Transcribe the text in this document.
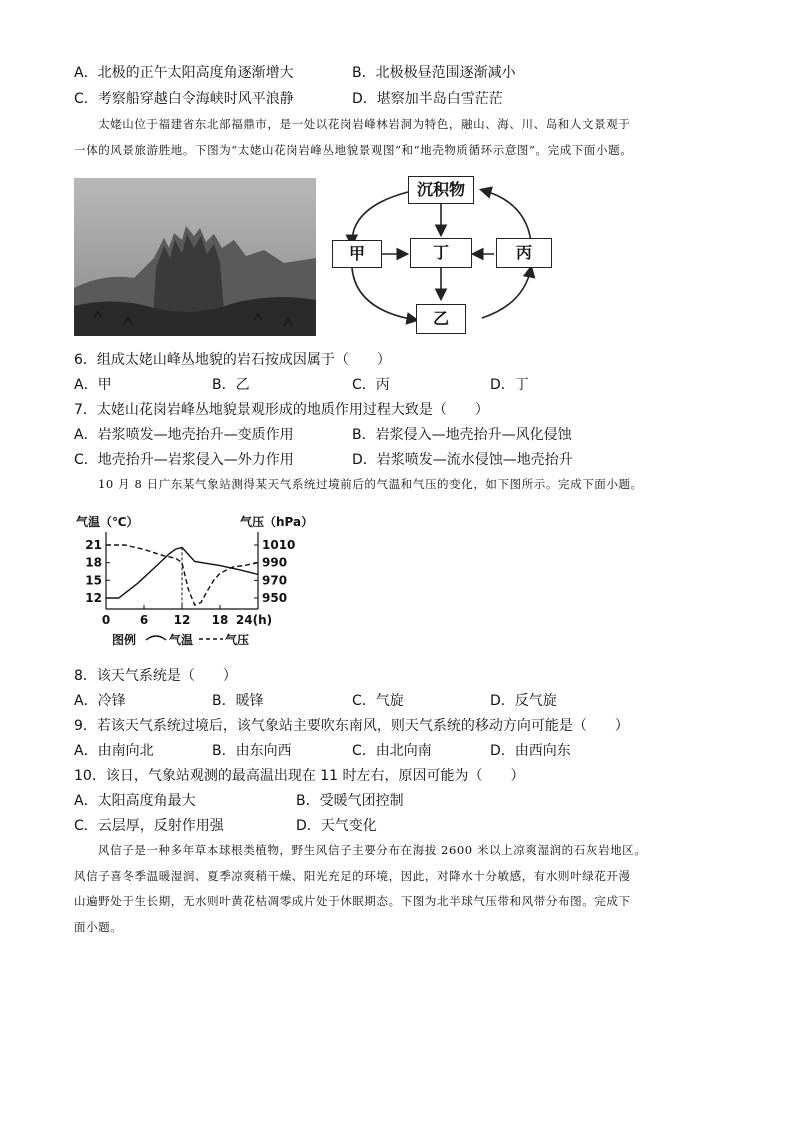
A．北极的正午太阳高度角逐渐增大	B．北极极昼范围逐渐减小
C．考察船穿越白令海峡时风平浪静	D．堪察加半岛白雪茫茫
太姥山位于福建省东北部福鼎市，是一处以花岗岩峰林岩洞为特色，融山、海、川、岛和人文景观于
一体的风景旅游胜地。下图为“太姥山花岗岩峰丛地貌景观图”和“地壳物质循环示意图”。完成下面小题。
沉积物
甲	丁	丙
乙
6．组成太姥山峰丛地貌的岩石按成因属于（　　）
A．甲	B．乙	C．丙	D．丁
7．太姥山花岗岩峰丛地貌景观形成的地质作用过程大致是（　　）
A．岩浆喷发—地壳抬升—变质作用	B．岩浆侵入—地壳抬升—风化侵蚀
C．地壳抬升—岩浆侵入—外力作用	D．岩浆喷发—流水侵蚀—地壳抬升
10 月 8 日广东某气象站测得某天气系统过境前后的气温和气压的变化，如下图所示。完成下面小题。
气温（℃）	气压（hPa）
21
18
15
12
1010
990
970
950
0 6 12 18 24(h)
图例	气温	气压
8．该天气系统是（　　）
A．冷锋	B．暖锋	C．气旋	D．反气旋
9．若该天气系统过境后，该气象站主要吹东南风，则天气系统的移动方向可能是（　　）
A．由南向北	B．由东向西	C．由北向南	D．由西向东
10．该日，气象站观测的最高温出现在 11 时左右，原因可能为（　　）
A．太阳高度角最大	B．受暖气团控制
C．云层厚，反射作用强	D．天气变化
风信子是一种多年草本球根类植物，野生风信子主要分布在海拔 2600 米以上凉爽湿润的石灰岩地区。
风信子喜冬季温暖湿润、夏季凉爽稍干燥、阳光充足的环境，因此，对降水十分敏感，有水则叶绿花开漫
山遍野处于生长期，无水则叶黄花枯凋零成片处于休眠期态。下图为北半球气压带和风带分布图。完成下
面小题。
